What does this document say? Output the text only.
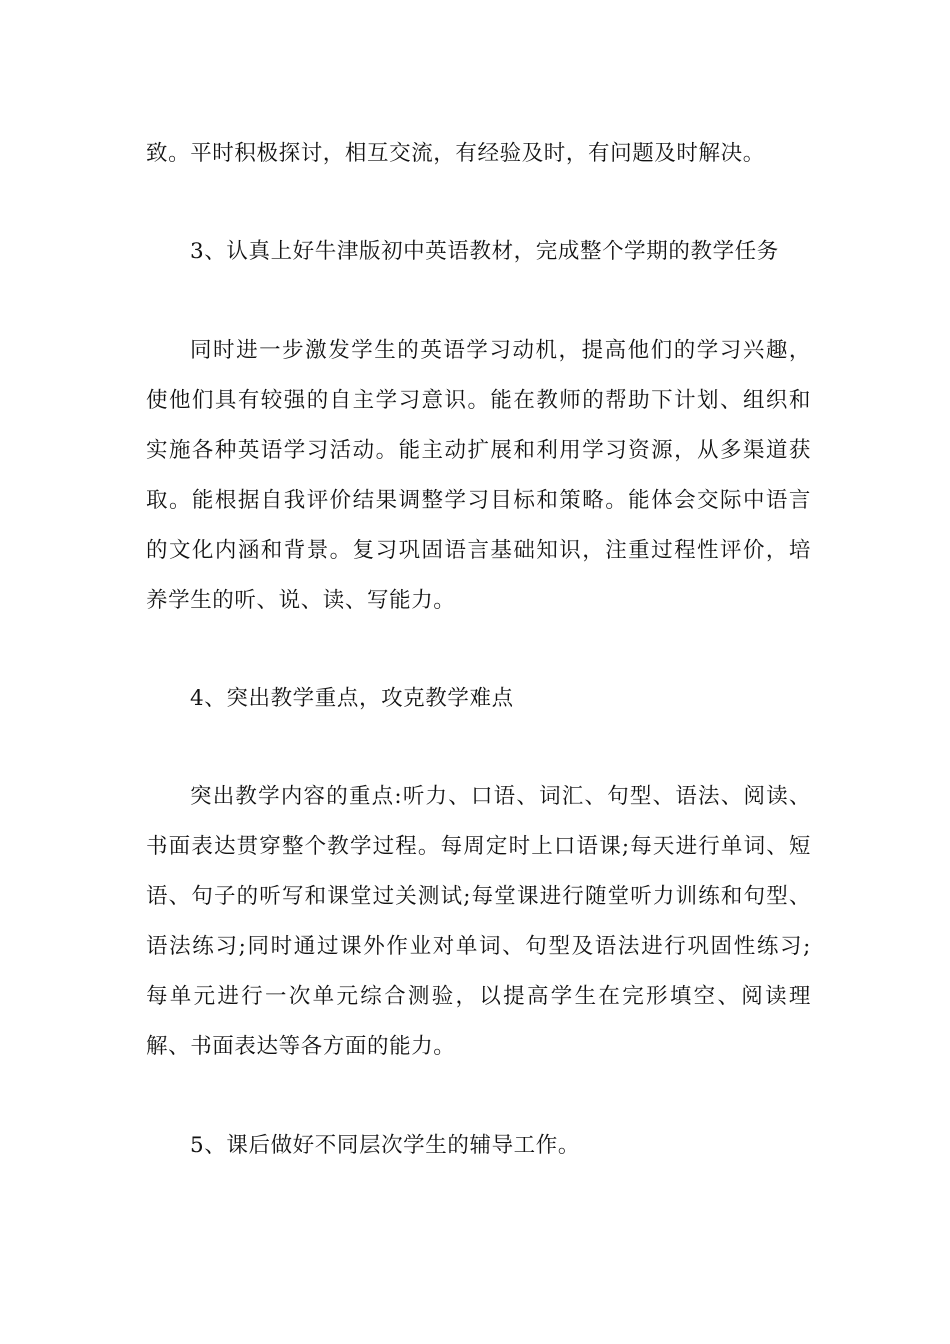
致。平时积极探讨，相互交流，有经验及时，有问题及时解决。
3、认真上好牛津版初中英语教材，完成整个学期的教学任务
同时进一步激发学生的英语学习动机，提高他们的学习兴趣，
使他们具有较强的自主学习意识。能在教师的帮助下计划、组织和
实施各种英语学习活动。能主动扩展和利用学习资源，从多渠道获
取。能根据自我评价结果调整学习目标和策略。能体会交际中语言
的文化内涵和背景。复习巩固语言基础知识，注重过程性评价，培
养学生的听、说、读、写能力。
4、突出教学重点，攻克教学难点
突出教学内容的重点:听力、口语、词汇、句型、语法、阅读、
书面表达贯穿整个教学过程。每周定时上口语课;每天进行单词、短
语、句子的听写和课堂过关测试;每堂课进行随堂听力训练和句型、
语法练习;同时通过课外作业对单词、句型及语法进行巩固性练习;
每单元进行一次单元综合测验，以提高学生在完形填空、阅读理
解、书面表达等各方面的能力。
5、课后做好不同层次学生的辅导工作。
